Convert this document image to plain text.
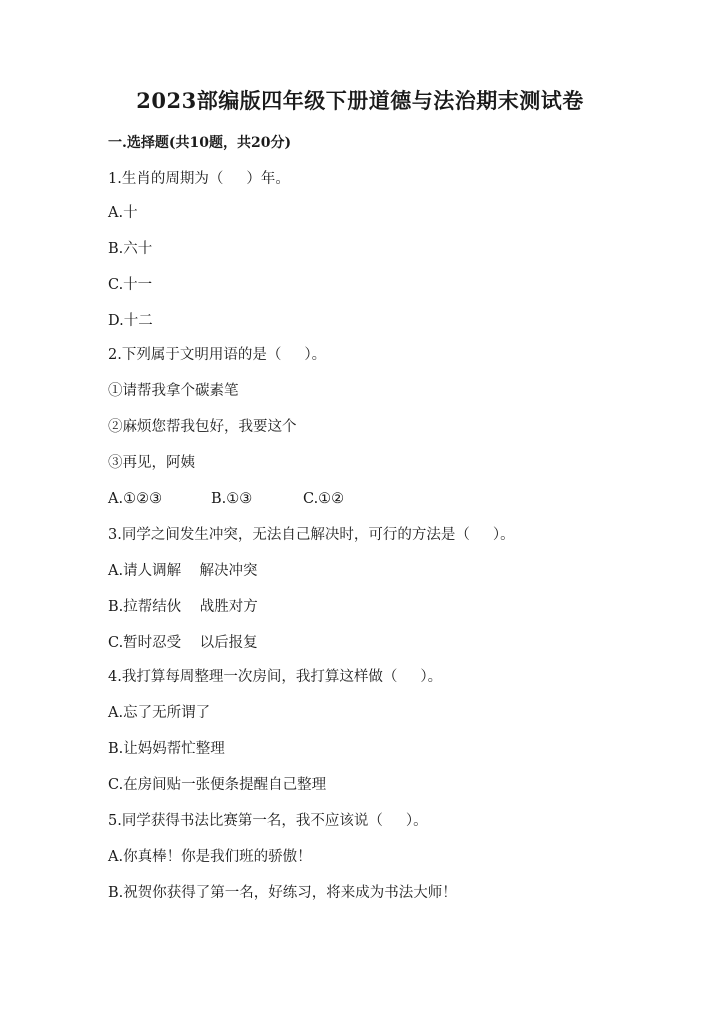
2023部编版四年级下册道德与法治期末测试卷
一.选择题(共10题，共20分)
1.生肖的周期为（     ）年。
A.十
B.六十
C.十一
D.十二
2.下列属于文明用语的是（     ）。
①请帮我拿个碳素笔
②麻烦您帮我包好，我要这个
③再见，阿姨

A.①②③

	B.①③

	C.①②

3.同学之间发生冲突，无法自己解决时，可行的方法是（     ）。
A.请人调解    解决冲突
B.拉帮结伙    战胜对方
C.暂时忍受    以后报复
4.我打算每周整理一次房间，我打算这样做（     ）。
A.忘了无所谓了
B.让妈妈帮忙整理
C.在房间贴一张便条提醒自己整理
5.同学获得书法比赛第一名，我不应该说（     ）。
A.你真棒！你是我们班的骄傲！
B.祝贺你获得了第一名，好练习，将来成为书法大师！
